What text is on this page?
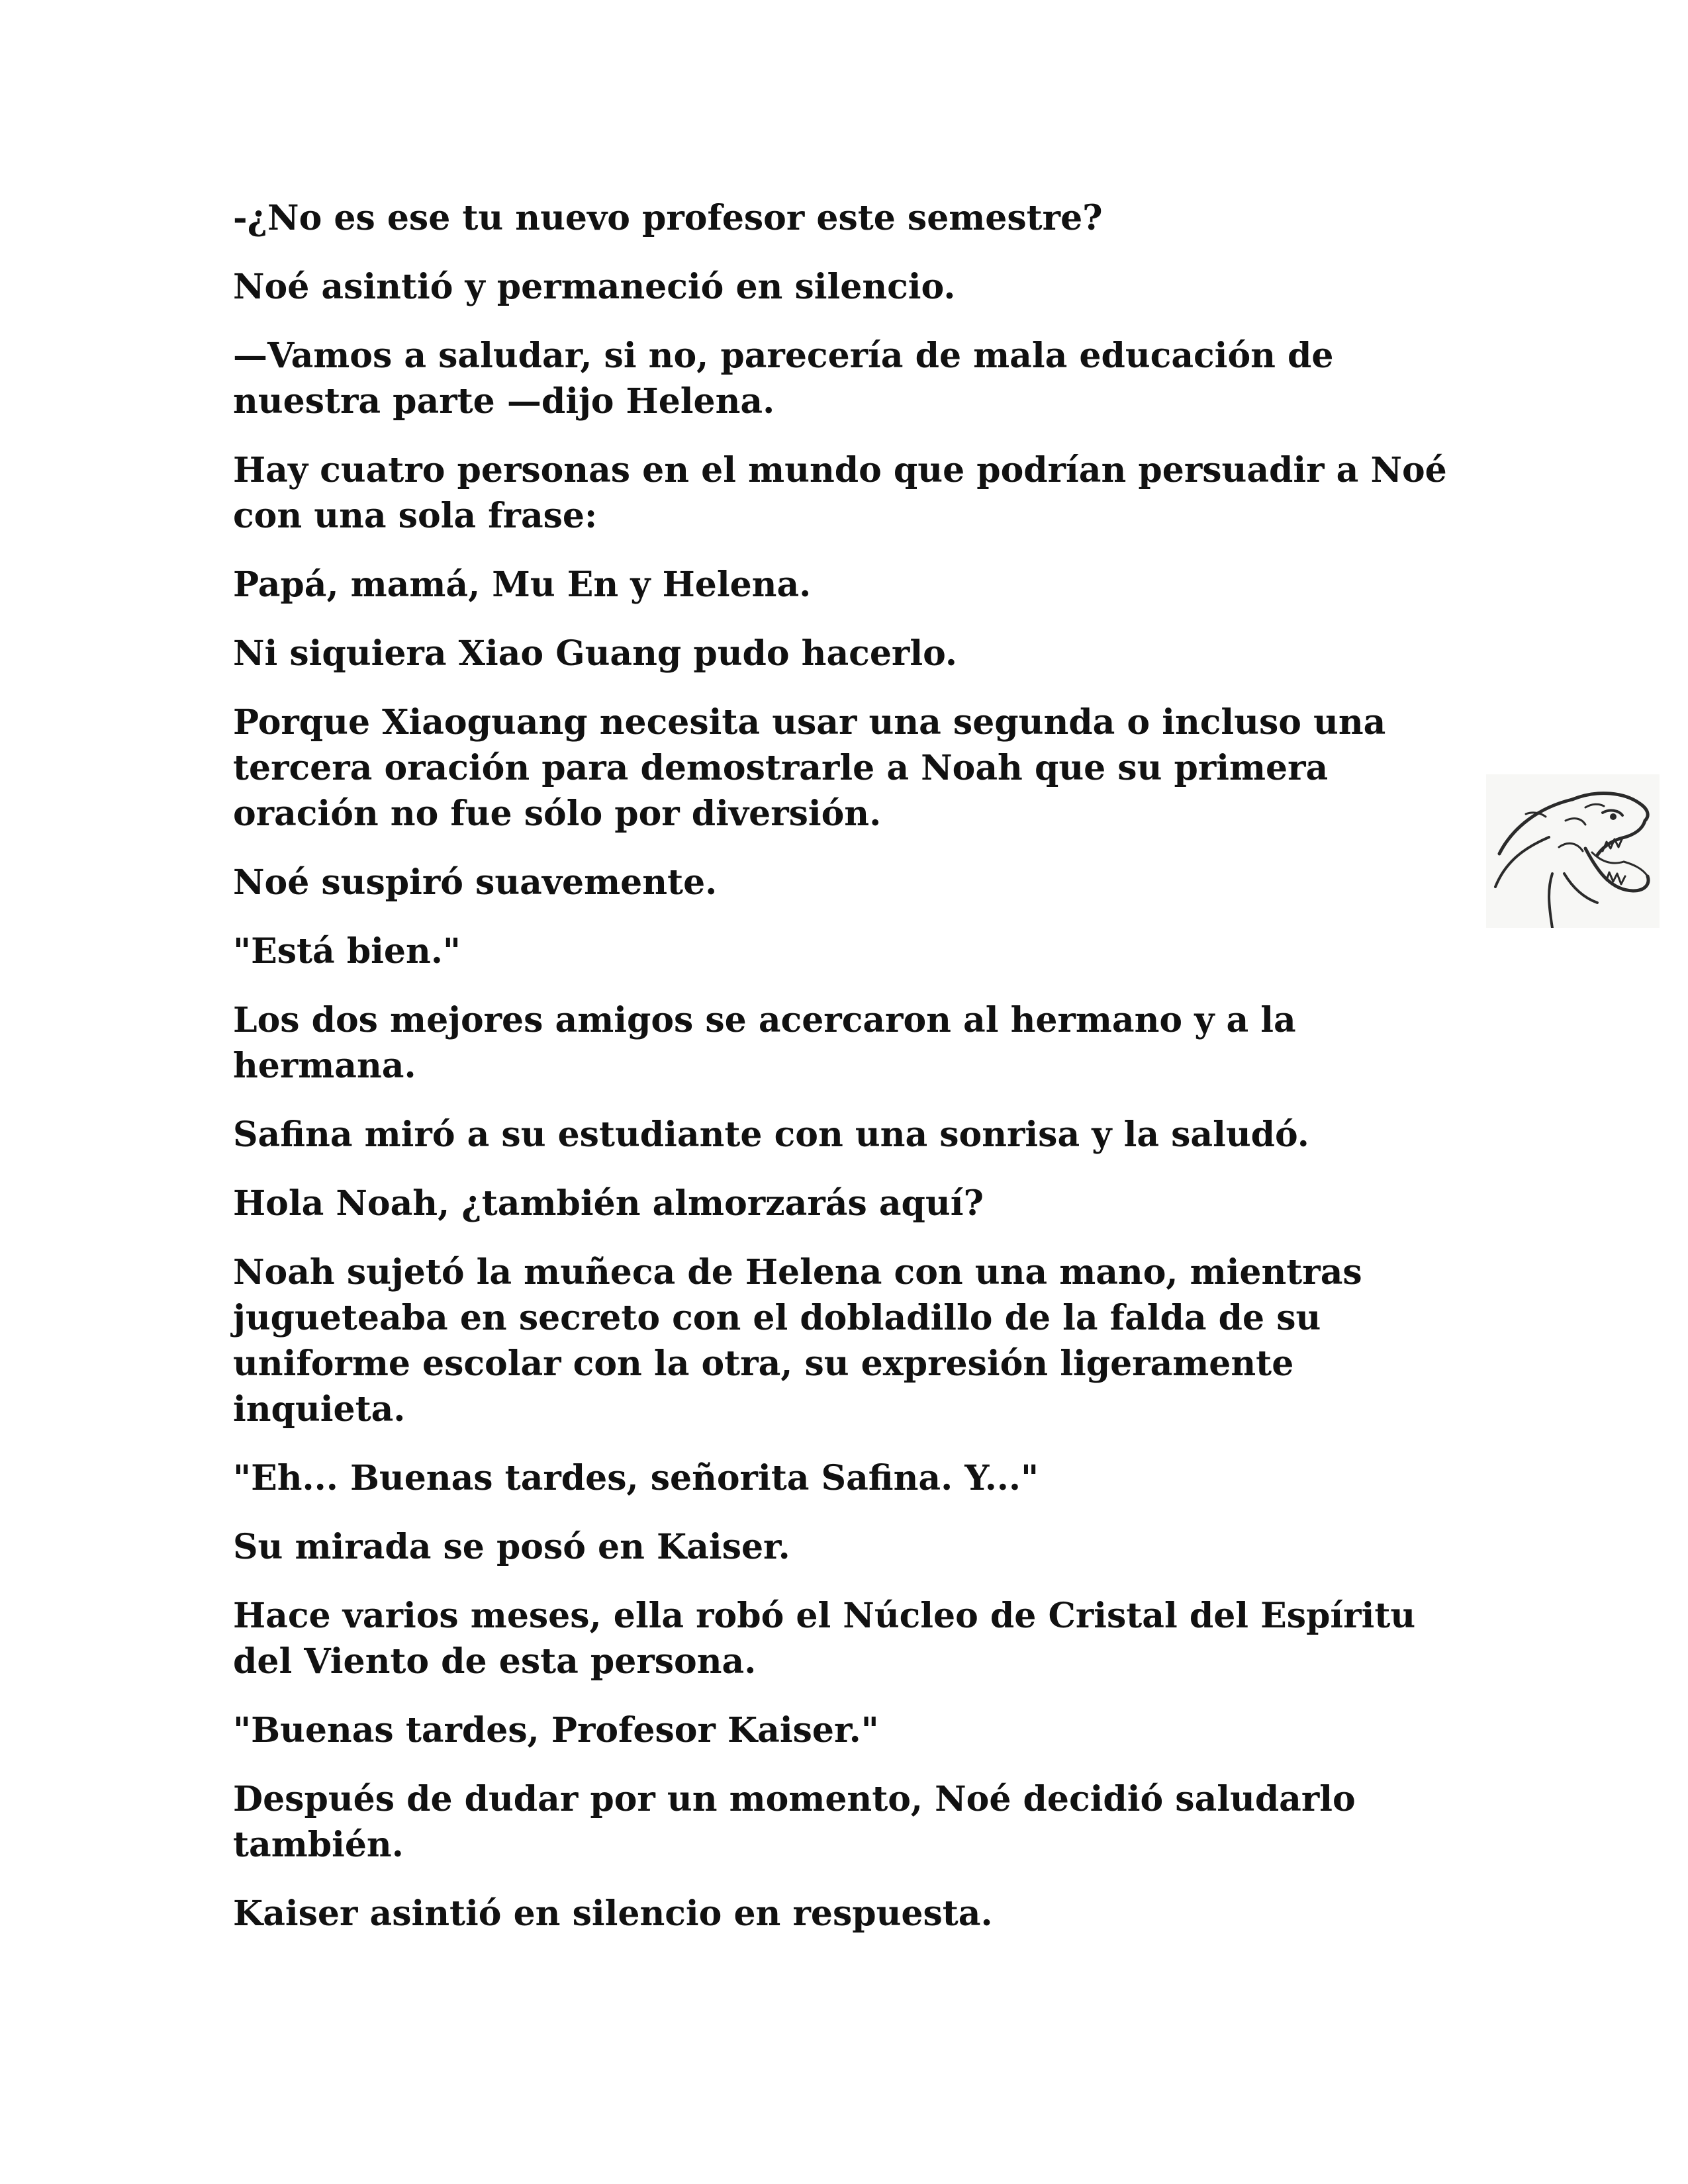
-¿No es ese tu nuevo profesor este semestre?

Noé asintió y permaneció en silencio.

—Vamos a saludar, si no, parecería de mala educación de nuestra parte —dijo Helena.

Hay cuatro personas en el mundo que podrían persuadir a Noé con una sola frase:

Papá, mamá, Mu En y Helena.

Ni siquiera Xiao Guang pudo hacerlo.

Porque Xiaoguang necesita usar una segunda o incluso una tercera oración para demostrarle a Noah que su primera oración no fue sólo por diversión.

Noé suspiró suavemente.

"Está bien."

Los dos mejores amigos se acercaron al hermano y a la hermana.

Safina miró a su estudiante con una sonrisa y la saludó.

Hola Noah, ¿también almorzarás aquí?

Noah sujetó la muñeca de Helena con una mano, mientras jugueteaba en secreto con el dobladillo de la falda de su uniforme escolar con la otra, su expresión ligeramente inquieta.

"Eh... Buenas tardes, señorita Safina. Y..."

Su mirada se posó en Kaiser.

Hace varios meses, ella robó el Núcleo de Cristal del Espíritu del Viento de esta persona.

"Buenas tardes, Profesor Kaiser."

Después de dudar por un momento, Noé decidió saludarlo también.

Kaiser asintió en silencio en respuesta.
